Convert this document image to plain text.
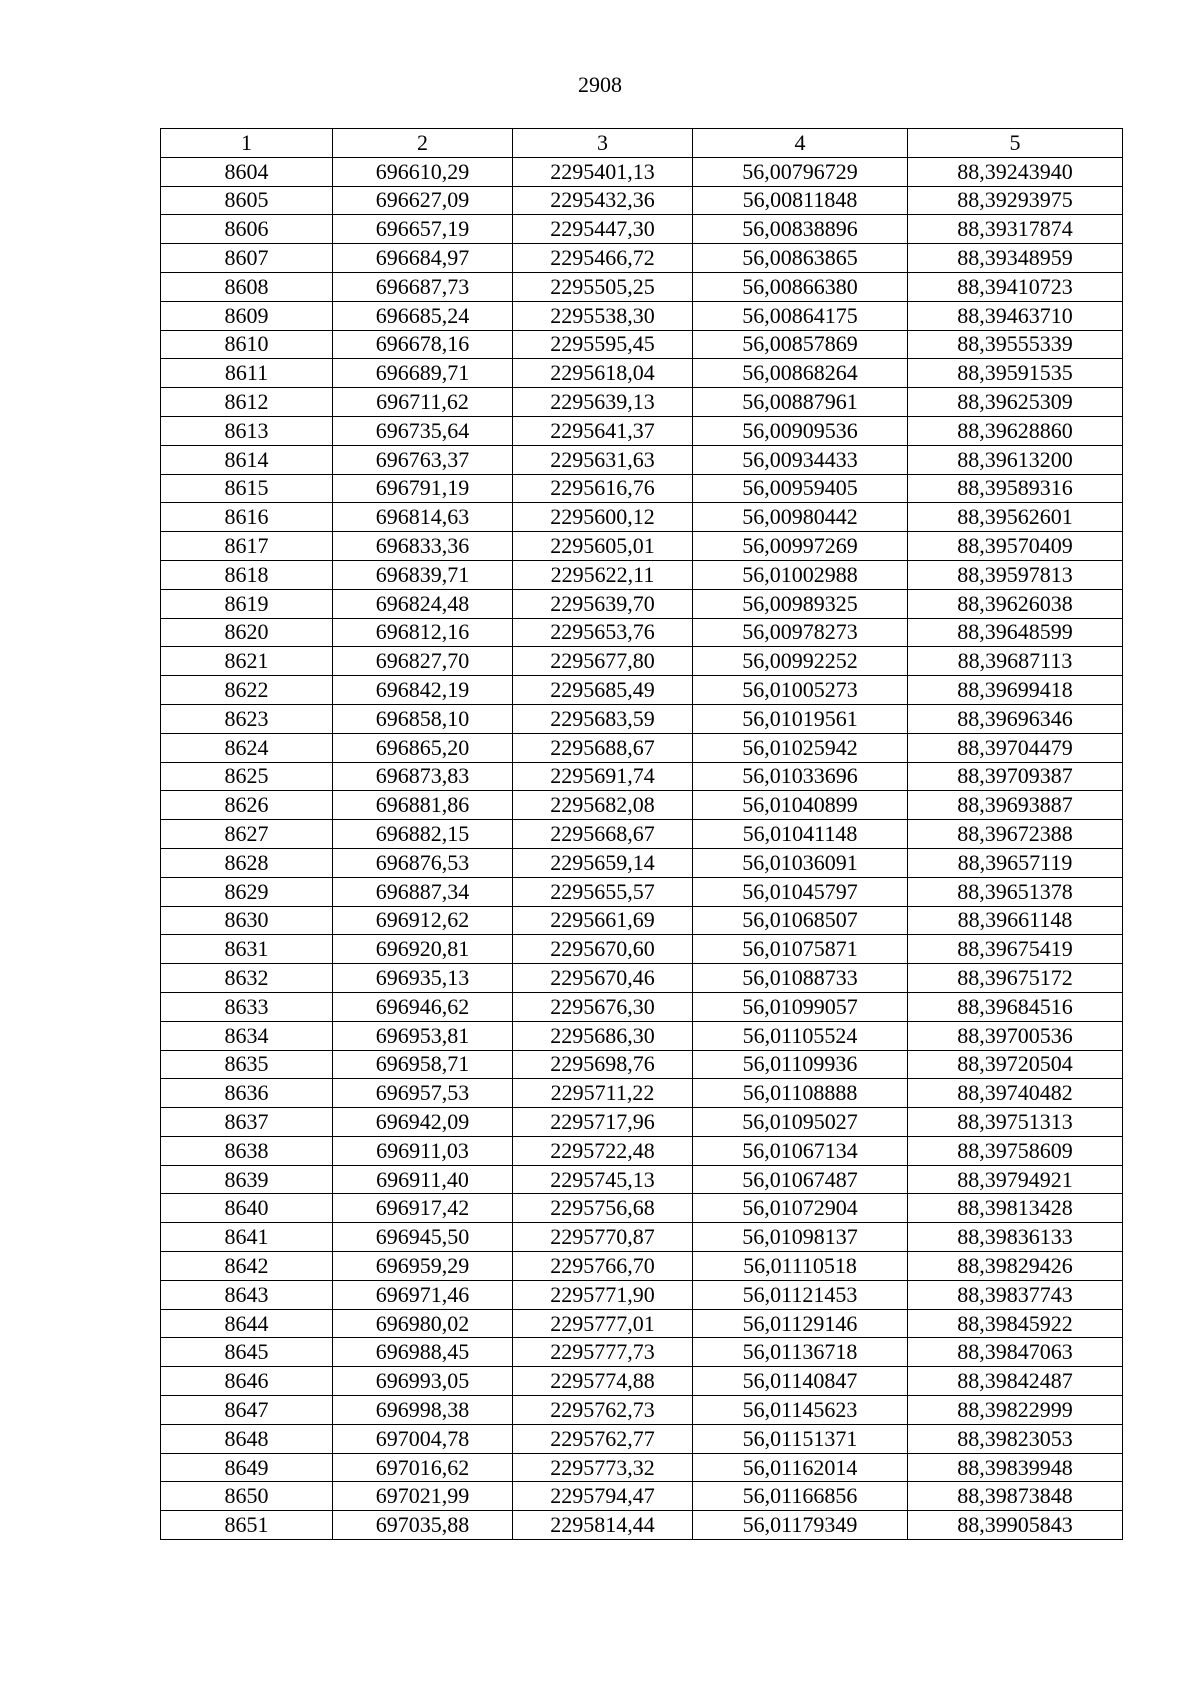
2908
1	2	3	4	5
8604	696610,29	2295401,13	56,00796729	88,39243940
8605	696627,09	2295432,36	56,00811848	88,39293975
8606	696657,19	2295447,30	56,00838896	88,39317874
8607	696684,97	2295466,72	56,00863865	88,39348959
8608	696687,73	2295505,25	56,00866380	88,39410723
8609	696685,24	2295538,30	56,00864175	88,39463710
8610	696678,16	2295595,45	56,00857869	88,39555339
8611	696689,71	2295618,04	56,00868264	88,39591535
8612	696711,62	2295639,13	56,00887961	88,39625309
8613	696735,64	2295641,37	56,00909536	88,39628860
8614	696763,37	2295631,63	56,00934433	88,39613200
8615	696791,19	2295616,76	56,00959405	88,39589316
8616	696814,63	2295600,12	56,00980442	88,39562601
8617	696833,36	2295605,01	56,00997269	88,39570409
8618	696839,71	2295622,11	56,01002988	88,39597813
8619	696824,48	2295639,70	56,00989325	88,39626038
8620	696812,16	2295653,76	56,00978273	88,39648599
8621	696827,70	2295677,80	56,00992252	88,39687113
8622	696842,19	2295685,49	56,01005273	88,39699418
8623	696858,10	2295683,59	56,01019561	88,39696346
8624	696865,20	2295688,67	56,01025942	88,39704479
8625	696873,83	2295691,74	56,01033696	88,39709387
8626	696881,86	2295682,08	56,01040899	88,39693887
8627	696882,15	2295668,67	56,01041148	88,39672388
8628	696876,53	2295659,14	56,01036091	88,39657119
8629	696887,34	2295655,57	56,01045797	88,39651378
8630	696912,62	2295661,69	56,01068507	88,39661148
8631	696920,81	2295670,60	56,01075871	88,39675419
8632	696935,13	2295670,46	56,01088733	88,39675172
8633	696946,62	2295676,30	56,01099057	88,39684516
8634	696953,81	2295686,30	56,01105524	88,39700536
8635	696958,71	2295698,76	56,01109936	88,39720504
8636	696957,53	2295711,22	56,01108888	88,39740482
8637	696942,09	2295717,96	56,01095027	88,39751313
8638	696911,03	2295722,48	56,01067134	88,39758609
8639	696911,40	2295745,13	56,01067487	88,39794921
8640	696917,42	2295756,68	56,01072904	88,39813428
8641	696945,50	2295770,87	56,01098137	88,39836133
8642	696959,29	2295766,70	56,01110518	88,39829426
8643	696971,46	2295771,90	56,01121453	88,39837743
8644	696980,02	2295777,01	56,01129146	88,39845922
8645	696988,45	2295777,73	56,01136718	88,39847063
8646	696993,05	2295774,88	56,01140847	88,39842487
8647	696998,38	2295762,73	56,01145623	88,39822999
8648	697004,78	2295762,77	56,01151371	88,39823053
8649	697016,62	2295773,32	56,01162014	88,39839948
8650	697021,99	2295794,47	56,01166856	88,39873848
8651	697035,88	2295814,44	56,01179349	88,39905843
